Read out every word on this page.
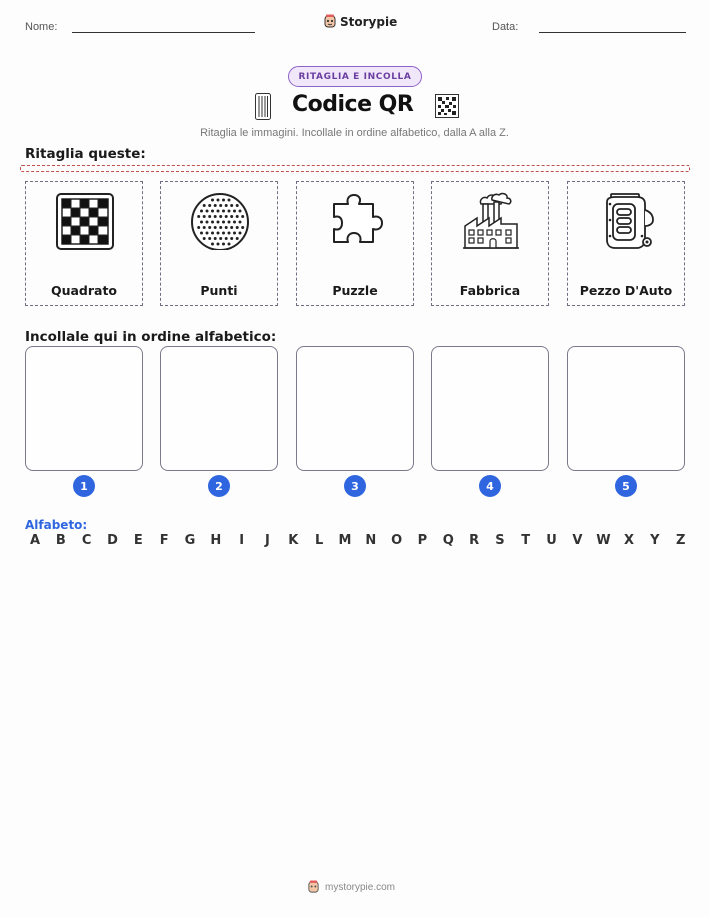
Nome:	Storypie	Data:
RITAGLIA E INCOLLA
Codice QR
Ritaglia le immagini. Incollale in ordine alfabetico, dalla A alla Z.
Ritaglia queste:
Quadrato	Punti	Puzzle	Fabbrica	Pezzo D'Auto
Incollale qui in ordine alfabetico:
1	2	3	4	5
Alfabeto:
A B C D E F G H	I	J	K L M N O P Q R S T U V W X Y Z
mystorypie.com
